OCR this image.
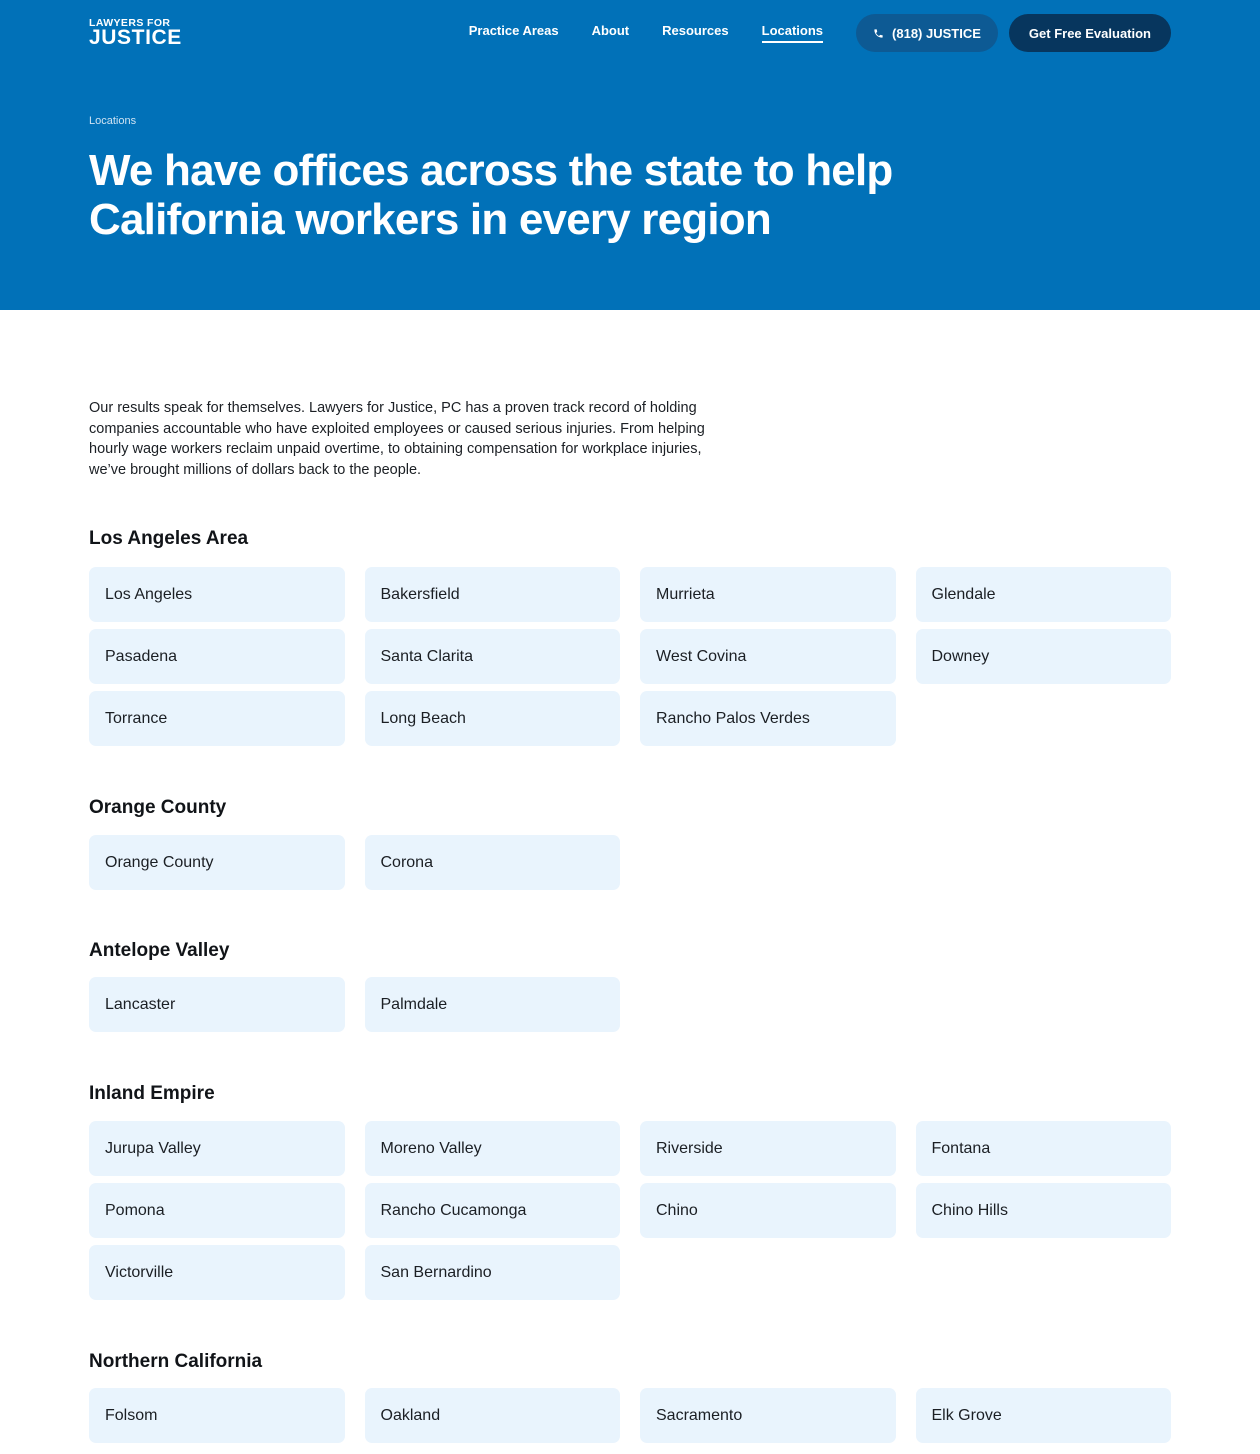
LAWYERS FOR
JUSTICE	Practice Areas	About	Resources	Locations	(818) JUSTICE	Get Free Evaluation
Locations
We have offices across the state to help California workers in every region

Our results speak for themselves. Lawyers for Justice, PC has a proven track record of holding companies accountable who have exploited employees or caused serious injuries. From helping hourly wage workers reclaim unpaid overtime, to obtaining compensation for workplace injuries, we’ve brought millions of dollars back to the people.

Los Angeles Area
Los Angeles	Bakersfield	Murrieta	Glendale
Pasadena	Santa Clarita	West Covina	Downey
Torrance	Long Beach	Rancho Palos Verdes
Orange County
Orange County	Corona
Antelope Valley
Lancaster	Palmdale
Inland Empire
Jurupa Valley	Moreno Valley	Riverside	Fontana
Pomona	Rancho Cucamonga	Chino	Chino Hills
Victorville	San Bernardino
Northern California
Folsom	Oakland	Sacramento	Elk Grove
